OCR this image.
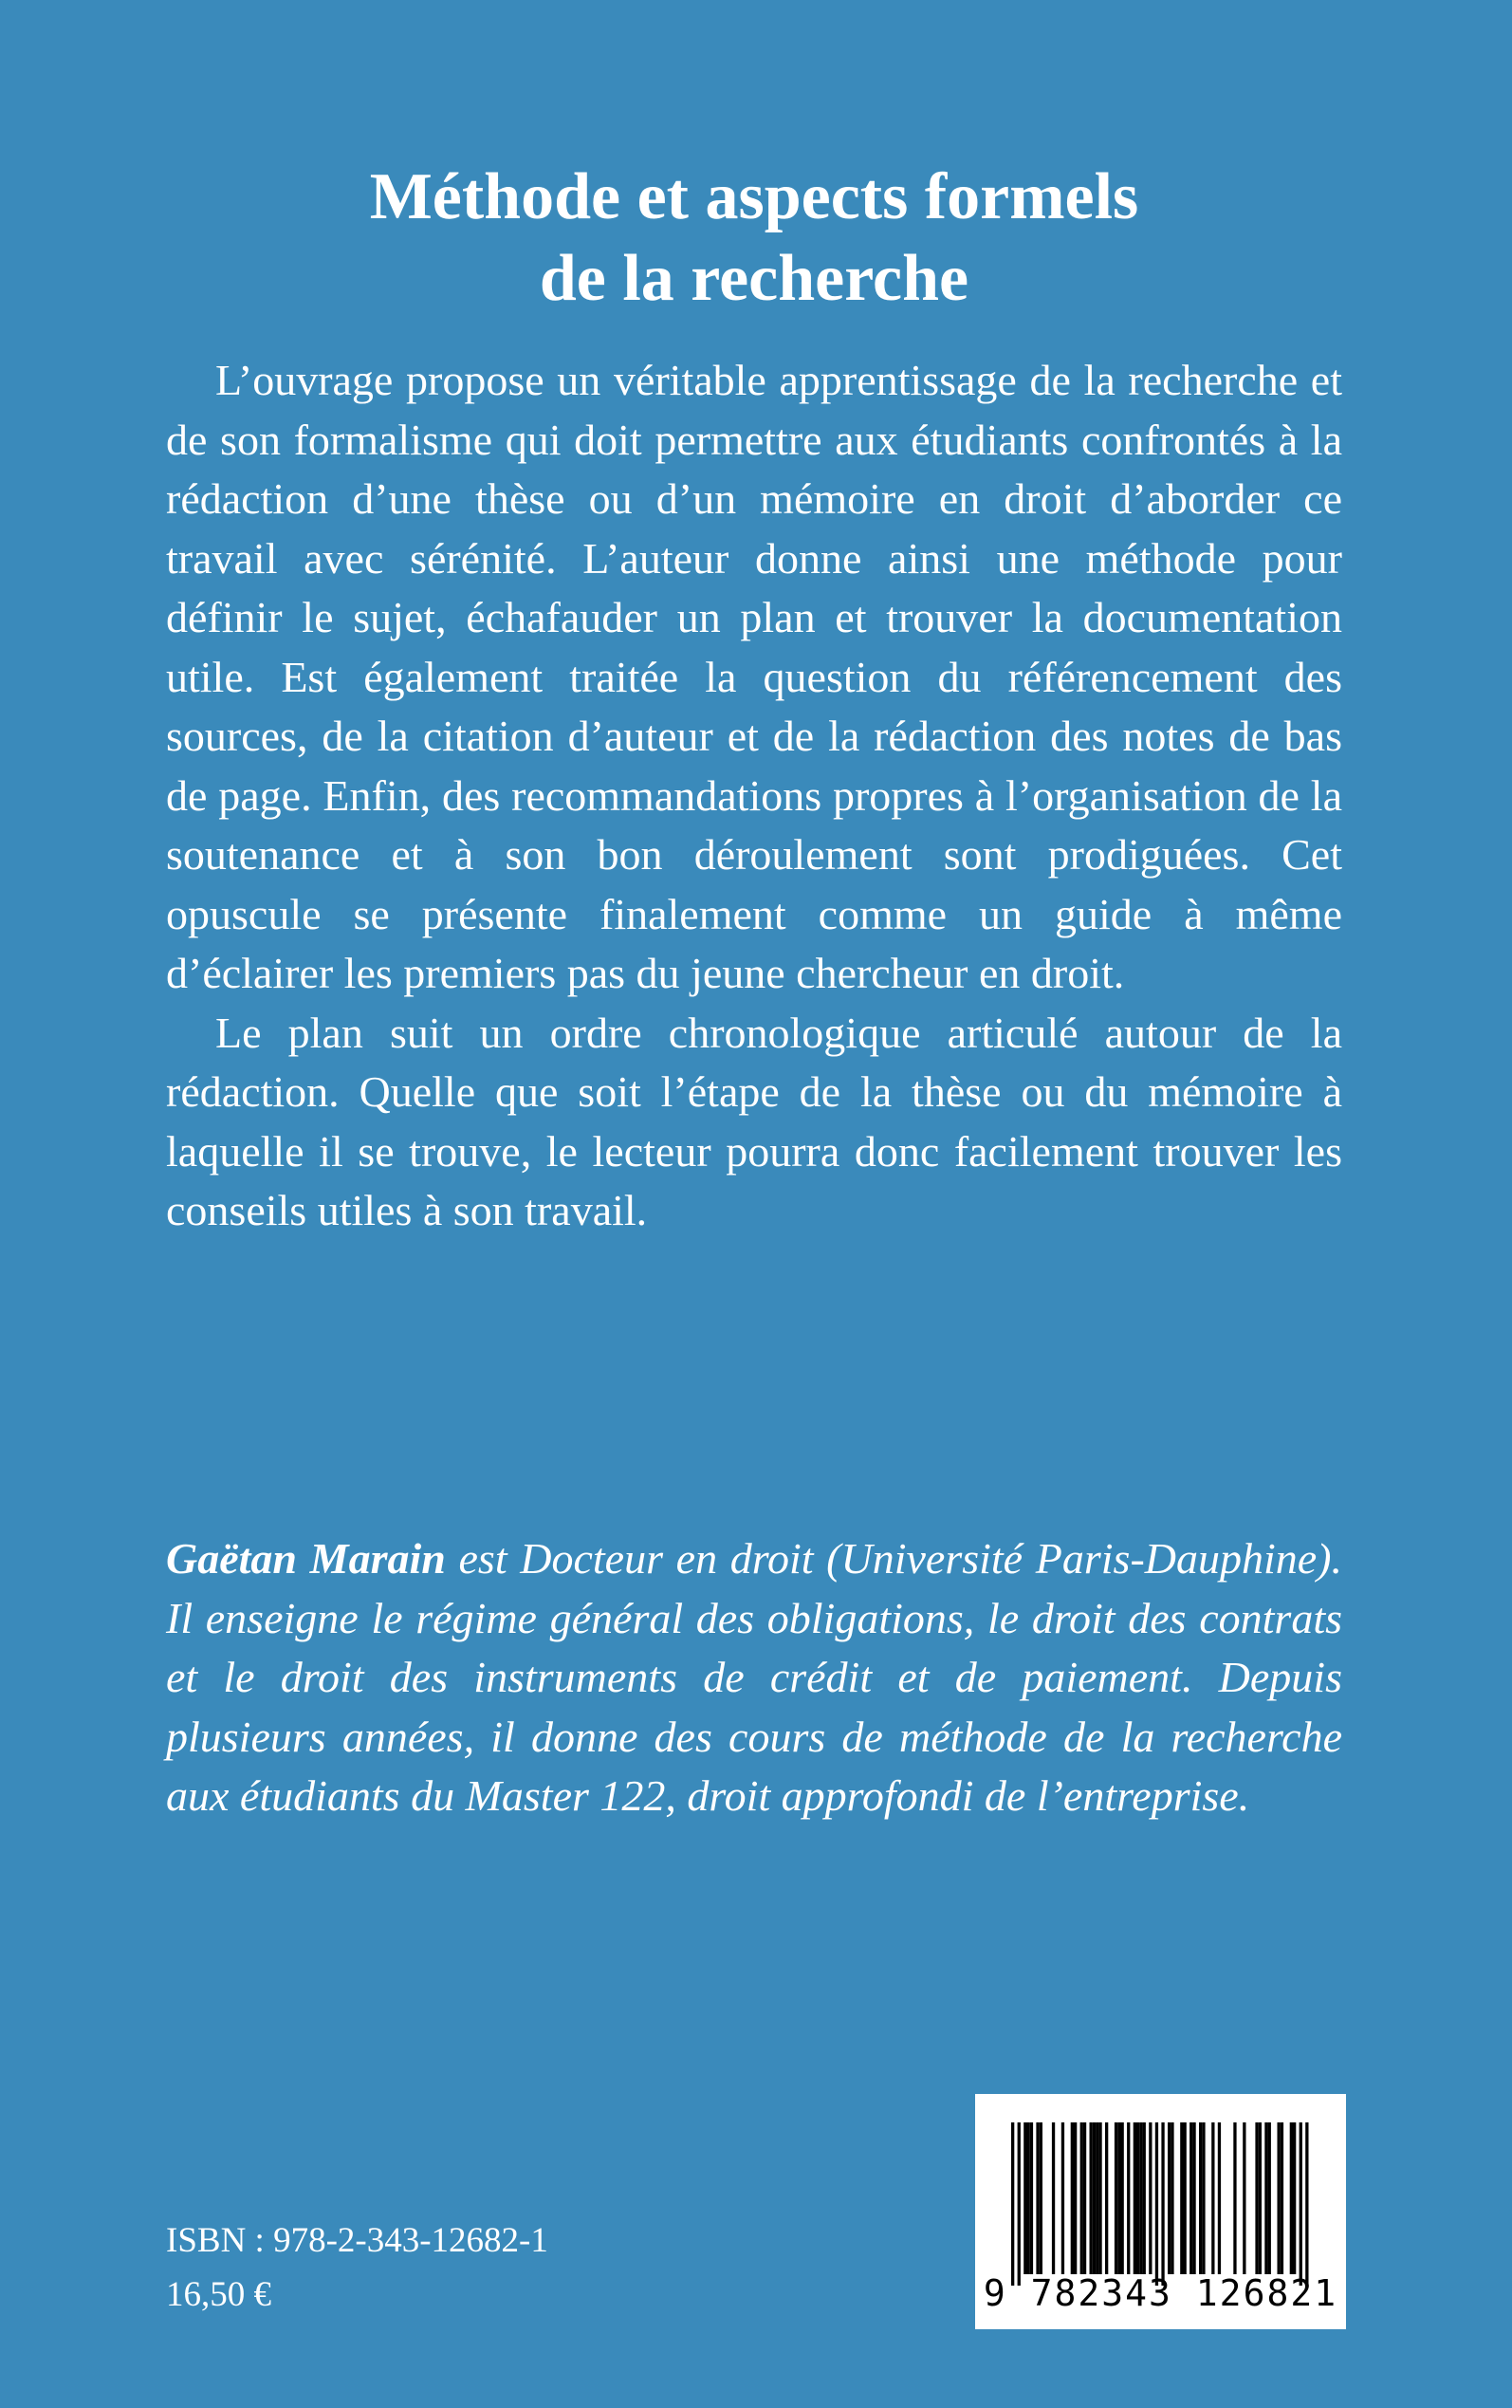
Méthode et aspects formels
de la recherche

L’ouvrage propose un véritable apprentissage de la recherche et de son formalisme qui doit permettre aux étudiants confrontés à la rédaction d’une thèse ou d’un mémoire en droit d’aborder ce travail avec sérénité. L’auteur donne ainsi une méthode pour définir le sujet, échafauder un plan et trouver la documentation utile. Est également traitée la question du référencement des sources, de la citation d’auteur et de la rédaction des notes de bas de page. Enfin, des recommandations propres à l’organisation de la soutenance et à son bon déroulement sont prodiguées. Cet opuscule se présente finalement comme un guide à même d’éclairer les premiers pas du jeune chercheur en droit.

Le plan suit un ordre chronologique articulé autour de la rédaction. Quelle que soit l’étape de la thèse ou du mémoire à laquelle il se trouve, le lecteur pourra donc facilement trouver les conseils utiles à son travail.

Gaëtan Marain est Docteur en droit (Université Paris-Dauphine). Il enseigne le régime général des obligations, le droit des contrats et le droit des instruments de crédit et de paiement. Depuis plusieurs années, il donne des cours de méthode de la recherche aux étudiants du Master 122, droit approfondi de l’entreprise.
ISBN : 978-2-343-12682-1
16,50 €	9 782343 126821
